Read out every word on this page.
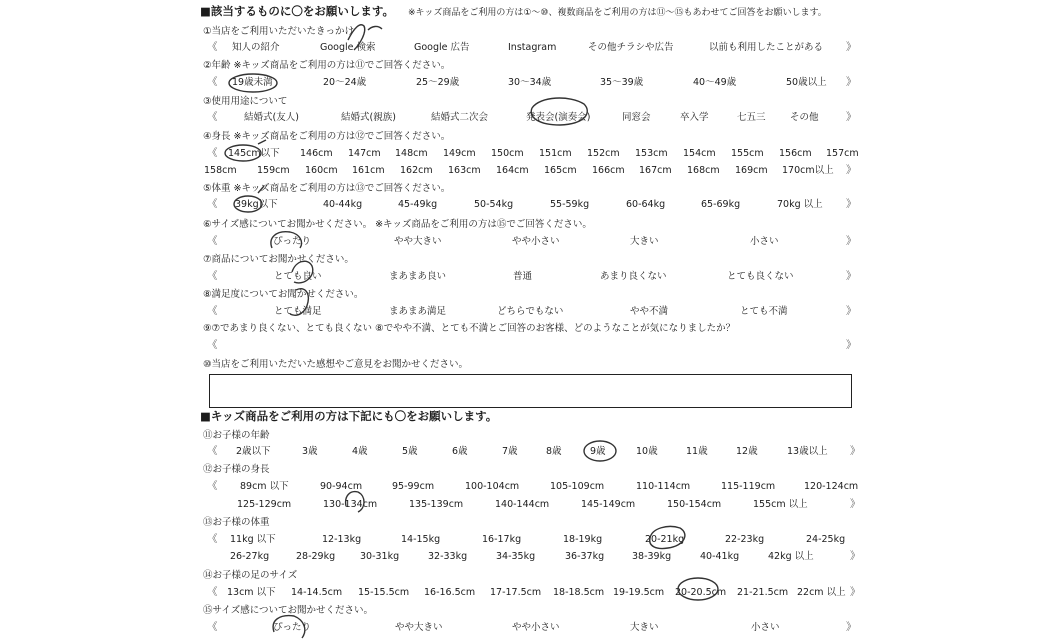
■該当するものに〇をお願いします。 ※キッズ商品をご利用の方は①〜⑩、複数商品をご利用の方は⑪〜⑮もあわせてご回答をお願いします。
①当店をご利用いただいたきっかけ
《 知人の紹介	Google 検索	Google 広告	Instagram	その他チラシや広告	以前も利用したことがある 》
②年齢 ※キッズ商品をご利用の方は⑪でご回答ください。
《 19歳未満	20〜24歳	25〜29歳	30〜34歳	35〜39歳	40〜49歳	50歳以上 》
③使用用途について
《	結婚式(友人)	結婚式(親族)	結婚式二次会	発表会(演奏会)	同窓会	卒入学	七五三	その他	》
④身長 ※キッズ商品をご利用の方は⑫でご回答ください。
《 145cm以下 146cm 147cm 148cm 149cm 150cm 151cm 152cm 153cm 154cm 155cm 156cm 157cm
158cm 159cm 160cm 161cm 162cm 163cm 164cm 165cm 166cm 167cm 168cm 169cm 170cm以上 》
⑤体重 ※キッズ商品をご利用の方は⑬でご回答ください。
《 39kg以下	40-44kg	45-49kg	50-54kg	55-59kg	60-64kg	65-69kg	70kg 以上 》
⑥サイズ感についてお聞かせください。 ※キッズ商品をご利用の方は⑮でご回答ください。
《	ぴったり	やや大きい	やや小さい	大きい	小さい	》
⑦商品についてお聞かせください。
《	とても良い	まあまあ良い	普通	あまり良くない	とても良くない	》
⑧満足度についてお聞かせください。
《	とても満足	まあまあ満足	どちらでもない	やや不満	とても不満	》
⑨⑦であまり良くない、とても良くない ⑧でやや不満、とても不満とご回答のお客様、どのようなことが気になりましたか？
《	》
⑩当店をご利用いただいた感想やご意見をお聞かせください。
■キッズ商品をご利用の方は下記にも〇をお願いします。
⑪お子様の年齢
《 2歳以下	3歳	4歳	5歳	6歳	7歳	8歳	9歳	10歳	11歳	12歳	13歳以上 》
⑫お子様の身長
《 89cm 以下	90-94cm	95-99cm	100-104cm	105-109cm	110-114cm	115-119cm	120-124cm
125-129cm	130-134cm	135-139cm	140-144cm	145-149cm	150-154cm	155cm 以上	》
⑬お子様の体重
《 11kg 以下	12-13kg	14-15kg	16-17kg	18-19kg	20-21kg	22-23kg	24-25kg
26-27kg	28-29kg	30-31kg	32-33kg	34-35kg	36-37kg	38-39kg	40-41kg	42kg 以上	》
⑭お子様の足のサイズ
《 13cm 以下 14-14.5cm 15-15.5cm 16-16.5cm 17-17.5cm 18-18.5cm 19-19.5cm 20-20.5cm 21-21.5cm 22cm 以上 》
⑮サイズ感についてお聞かせください。
《	ぴったり	やや大きい	やや小さい	大きい	小さい	》
